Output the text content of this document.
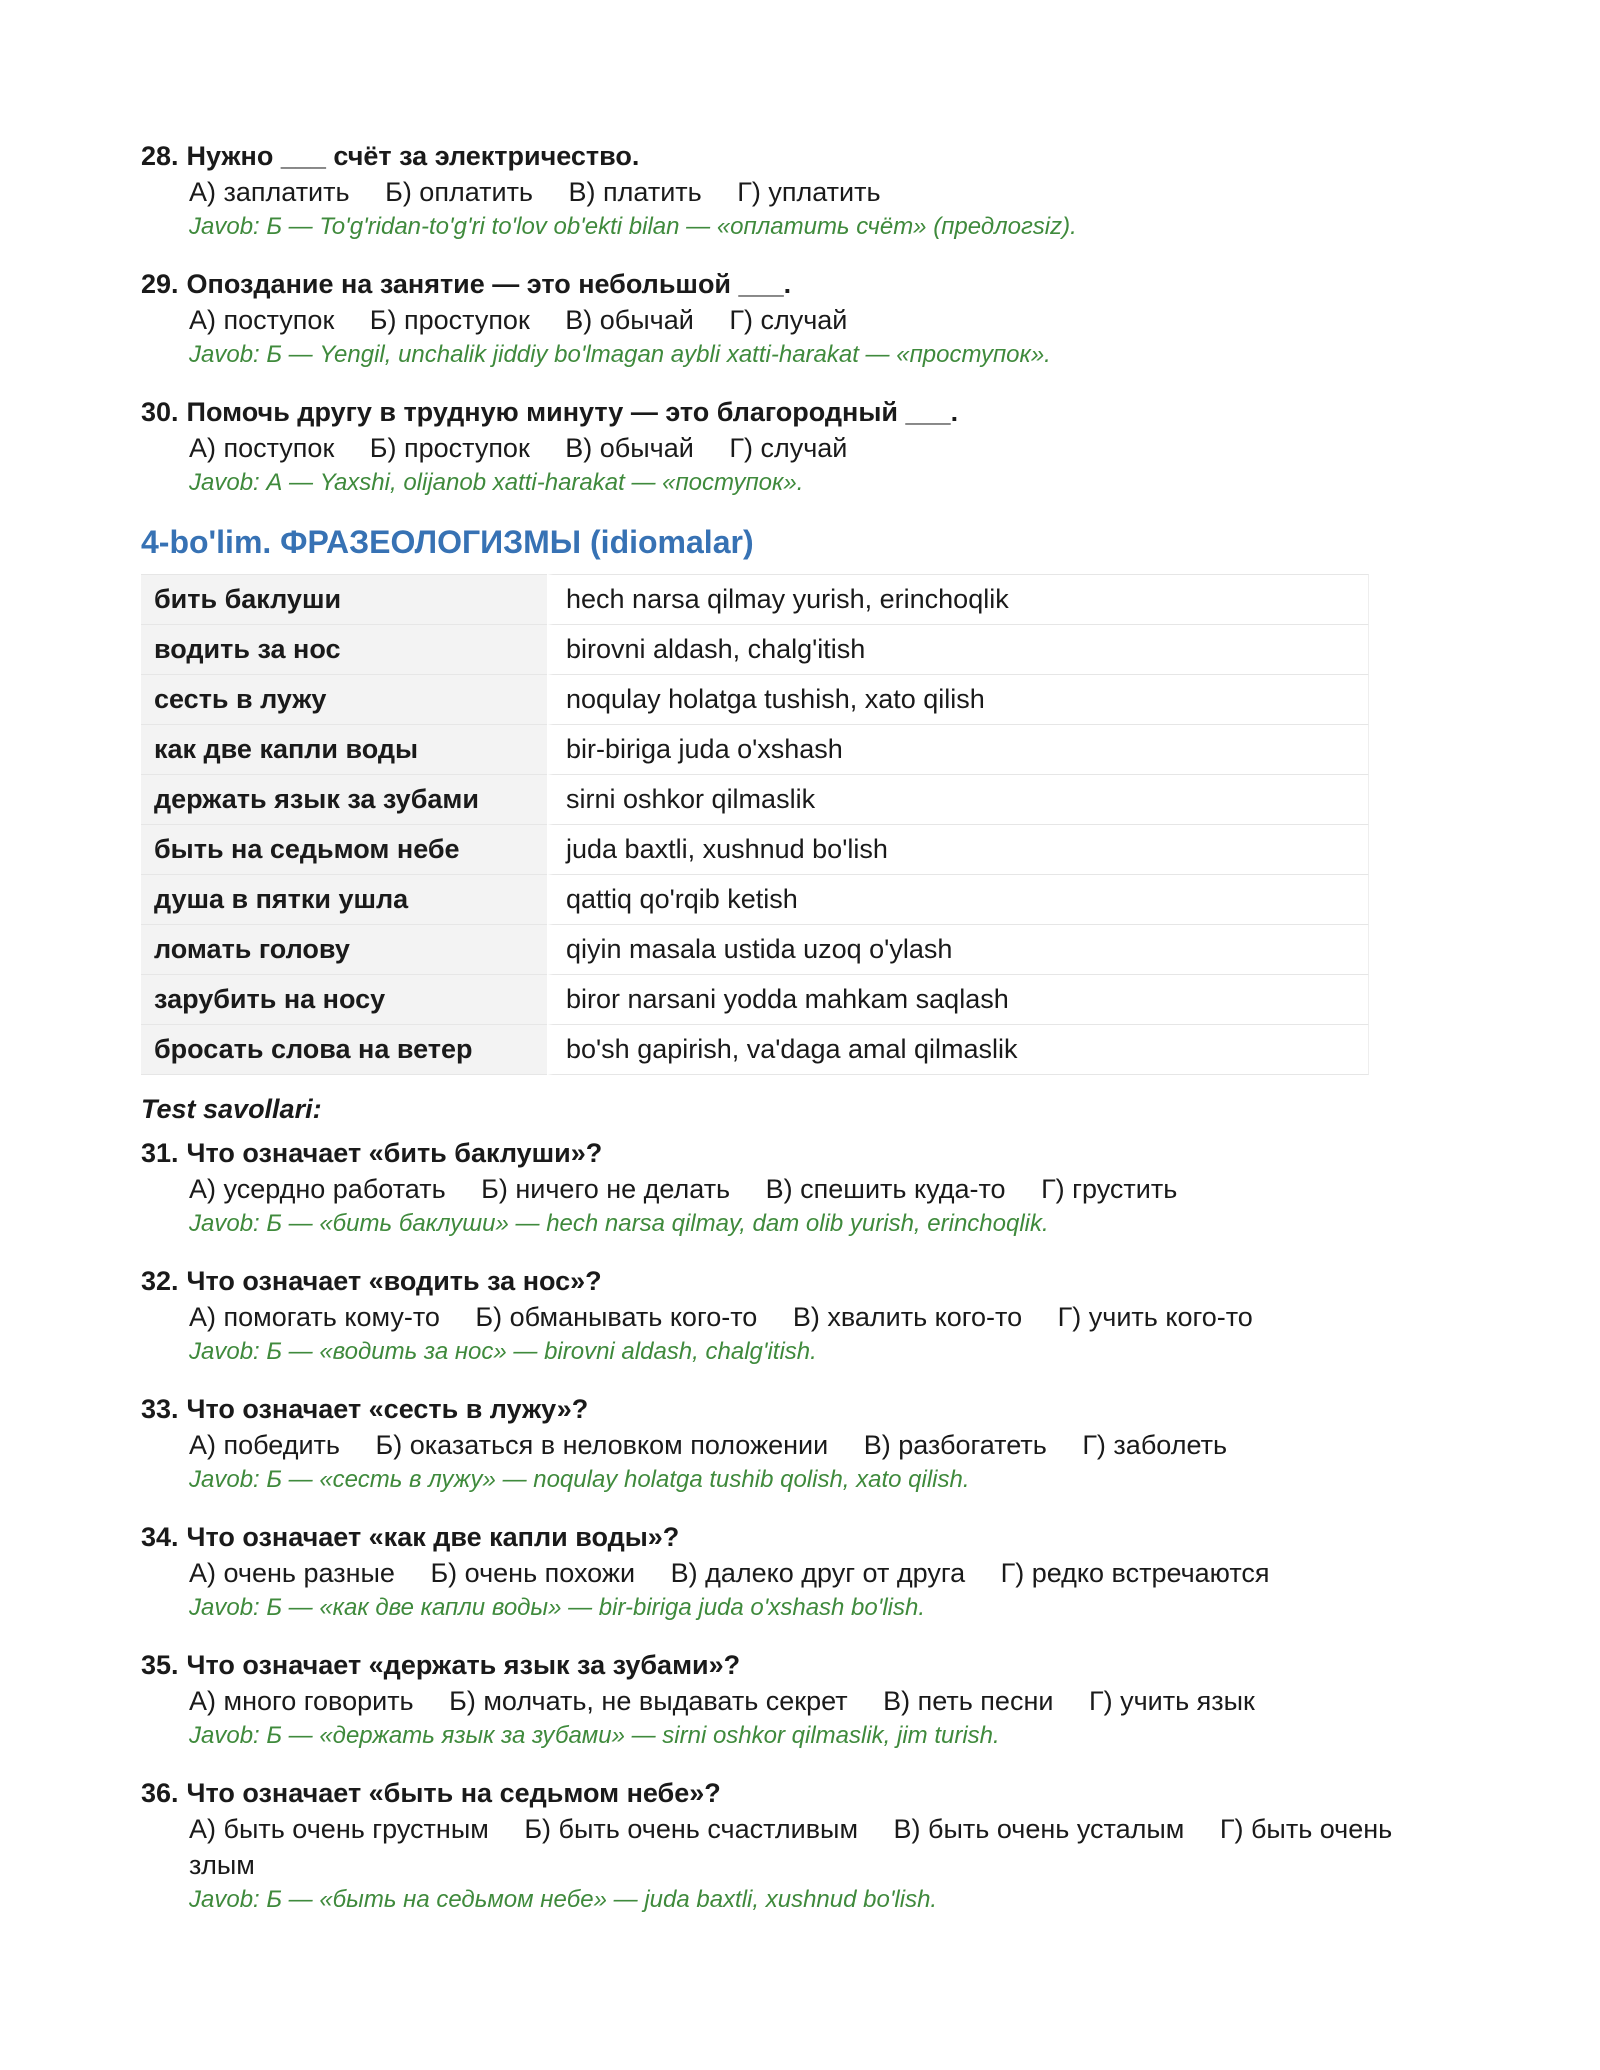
28. Нужно ___ счёт за электричество.
А) заплатить Б) оплатить В) платить Г) уплатить
Javob: Б — To'g'ridan-to'g'ri to'lov ob'ekti bilan — «оплатить счёт» (предлогsiz).
29. Опоздание на занятие — это небольшой ___.
А) поступок Б) проступок В) обычай Г) случай
Javob: Б — Yengil, unchalik jiddiy bo'lmagan aybli xatti-harakat — «проступок».
30. Помочь другу в трудную минуту — это благородный ___.
А) поступок Б) проступок В) обычай Г) случай
Javob: А — Yaxshi, olijanob xatti-harakat — «поступок».
4-bo'lim. ФРАЗЕОЛОГИЗМЫ (idiomalar)
бить баклуши	hech narsa qilmay yurish, erinchoqlik
водить за нос	birovni aldash, chalg'itish
сесть в лужу	noqulay holatga tushish, xato qilish
как две капли воды	bir-biriga juda o'xshash
держать язык за зубами	sirni oshkor qilmaslik
быть на седьмом небе	juda baxtli, xushnud bo'lish
душа в пятки ушла	qattiq qo'rqib ketish
ломать голову	qiyin masala ustida uzoq o'ylash
зарубить на носу	biror narsani yodda mahkam saqlash
бросать слова на ветер	bo'sh gapirish, va'daga amal qilmaslik
Test savollari:
31. Что означает «бить баклуши»?
А) усердно работать Б) ничего не делать В) спешить куда-то Г) грустить
Javob: Б — «бить баклуши» — hech narsa qilmay, dam olib yurish, erinchoqlik.
32. Что означает «водить за нос»?
А) помогать кому-то Б) обманывать кого-то В) хвалить кого-то Г) учить кого-то
Javob: Б — «водить за нос» — birovni aldash, chalg'itish.
33. Что означает «сесть в лужу»?
А) победить Б) оказаться в неловком положении В) разбогатеть Г) заболеть
Javob: Б — «сесть в лужу» — noqulay holatga tushib qolish, xato qilish.
34. Что означает «как две капли воды»?
А) очень разные Б) очень похожи В) далеко друг от друга Г) редко встречаются
Javob: Б — «как две капли воды» — bir-biriga juda o'xshash bo'lish.
35. Что означает «держать язык за зубами»?
А) много говорить Б) молчать, не выдавать секрет В) петь песни Г) учить язык
Javob: Б — «держать язык за зубами» — sirni oshkor qilmaslik, jim turish.
36. Что означает «быть на седьмом небе»?
А) быть очень грустным Б) быть очень счастливым В) быть очень усталым Г) быть очень злым
Javob: Б — «быть на седьмом небе» — juda baxtli, xushnud bo'lish.
